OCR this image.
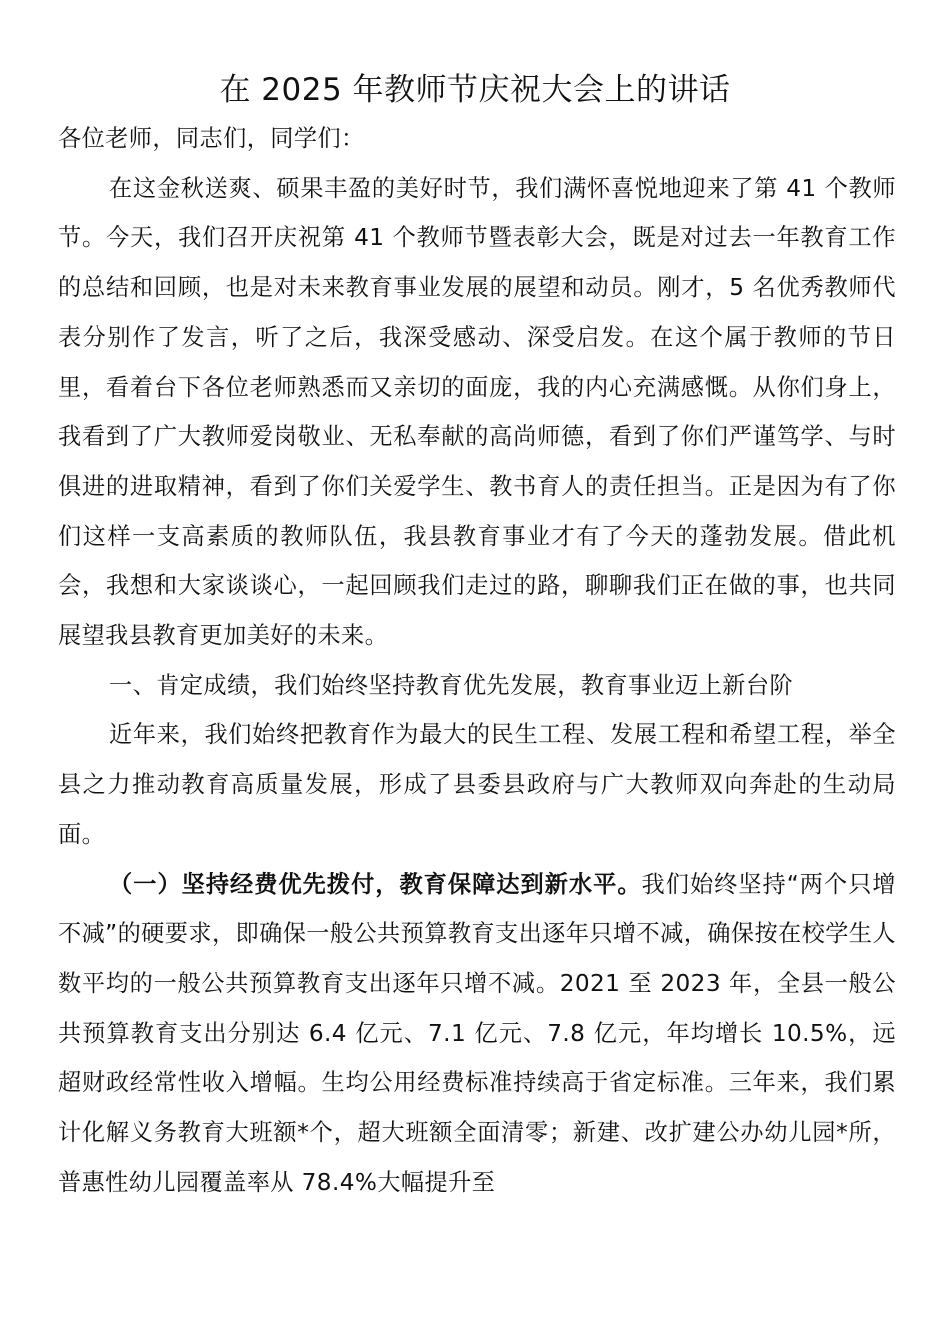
在 2025 年教师节庆祝大会上的讲话

各位老师，同志们，同学们：

在这金秋送爽、硕果丰盈的美好时节，我们满怀喜悦地迎来了第 41 个教师节。今天，我们召开庆祝第 41 个教师节暨表彰大会，既是对过去一年教育工作的总结和回顾，也是对未来教育事业发展的展望和动员。刚才，5 名优秀教师代表分别作了发言，听了之后，我深受感动、深受启发。在这个属于教师的节日里，看着台下各位老师熟悉而又亲切的面庞，我的内心充满感慨。从你们身上，我看到了广大教师爱岗敬业、无私奉献的高尚师德，看到了你们严谨笃学、与时俱进的进取精神，看到了你们关爱学生、教书育人的责任担当。正是因为有了你们这样一支高素质的教师队伍，我县教育事业才有了今天的蓬勃发展。借此机会，我想和大家谈谈心，一起回顾我们走过的路，聊聊我们正在做的事，也共同展望我县教育更加美好的未来。

一、肯定成绩，我们始终坚持教育优先发展，教育事业迈上新台阶

近年来，我们始终把教育作为最大的民生工程、发展工程和希望工程，举全县之力推动教育高质量发展，形成了县委县政府与广大教师双向奔赴的生动局面。

（一）坚持经费优先拨付，教育保障达到新水平。我们始终坚持“两个只增不减”的硬要求，即确保一般公共预算教育支出逐年只增不减，确保按在校学生人数平均的一般公共预算教育支出逐年只增不减。2021 至 2023 年，全县一般公共预算教育支出分别达 6.4 亿元、7.1 亿元、7.8 亿元，年均增长 10.5%，远超财政经常性收入增幅。生均公用经费标准持续高于省定标准。三年来，我们累计化解义务教育大班额*个，超大班额全面清零；新建、改扩建公办幼儿园*所，普惠性幼儿园覆盖率从 78.4%大幅提升至
